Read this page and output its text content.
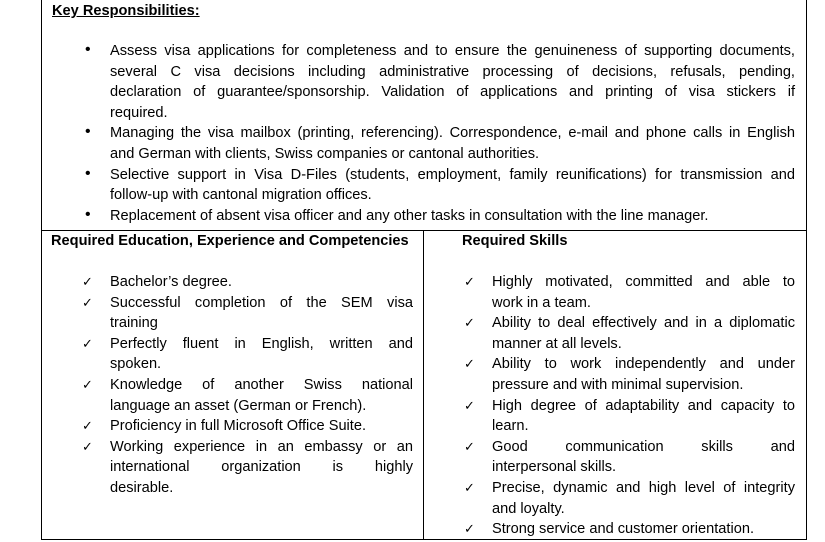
Key Responsibilities:
• Assess visa applications for completeness and to ensure the genuineness of supporting documents,
several C visa decisions including administrative processing of decisions, refusals, pending,
declaration of guarantee/sponsorship. Validation of applications and printing of visa stickers if
required.
• Managing the visa mailbox (printing, referencing). Correspondence, e-mail and phone calls in English
and German with clients, Swiss companies or cantonal authorities.
• Selective support in Visa D-Files (students, employment, family reunifications) for transmission and
follow-up with cantonal migration offices.
• Replacement of absent visa officer and any other tasks in consultation with the line manager.
Required Education, Experience and Competencies	Required Skills
✓ Bachelor’s degree.
✓ Successful completion of the SEM visa
training
✓ Perfectly fluent in English, written and
spoken.
✓ Knowledge of another Swiss national
language an asset (German or French).
✓ Proficiency in full Microsoft Office Suite.
✓ Working experience in an embassy or an
international organization is highly
desirable.
✓ Highly motivated, committed and able to
work in a team.
✓ Ability to deal effectively and in a diplomatic
manner at all levels.
✓ Ability to work independently and under
pressure and with minimal supervision.
✓ High degree of adaptability and capacity to
learn.
✓ Good communication skills and
interpersonal skills.
✓ Precise, dynamic and high level of integrity
and loyalty.
✓ Strong service and customer orientation.
